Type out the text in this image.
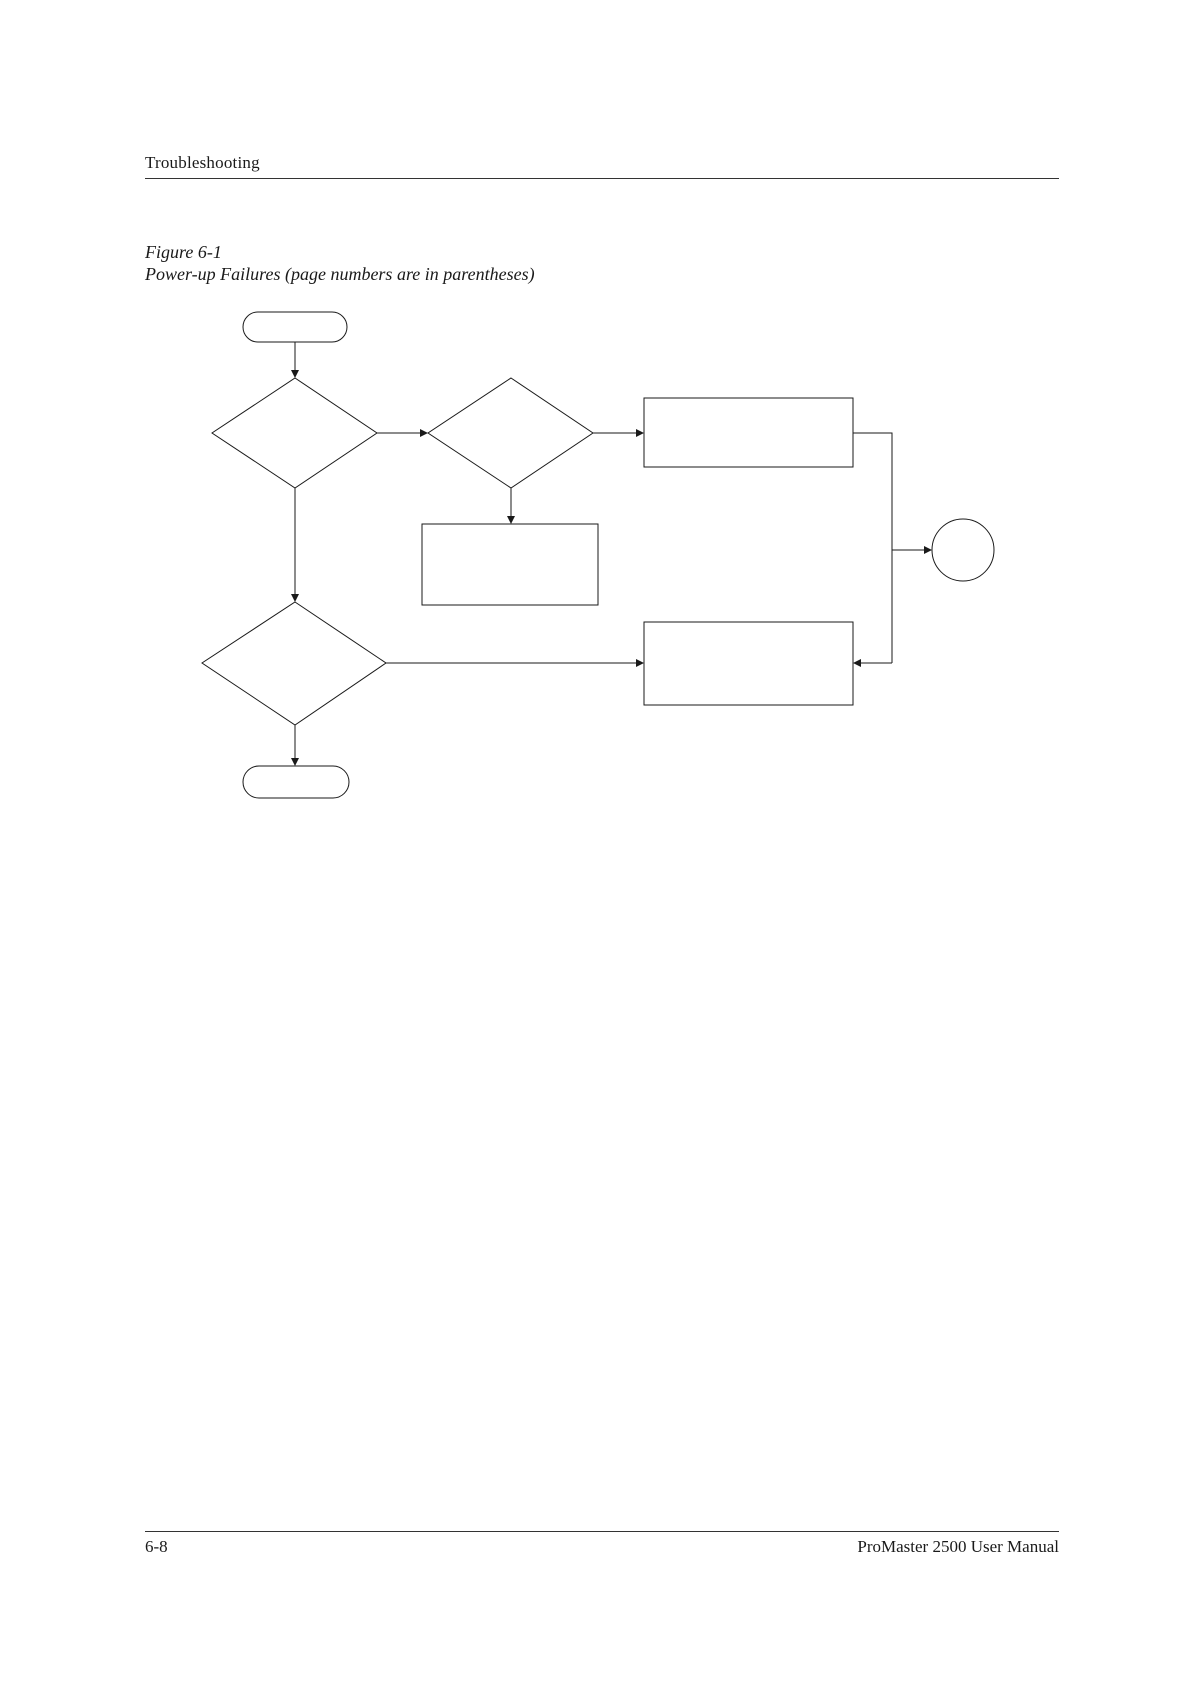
Troubleshooting
Figure 6-1
Power-up Failures (page numbers are in parentheses)
6-8	ProMaster 2500 User Manual
